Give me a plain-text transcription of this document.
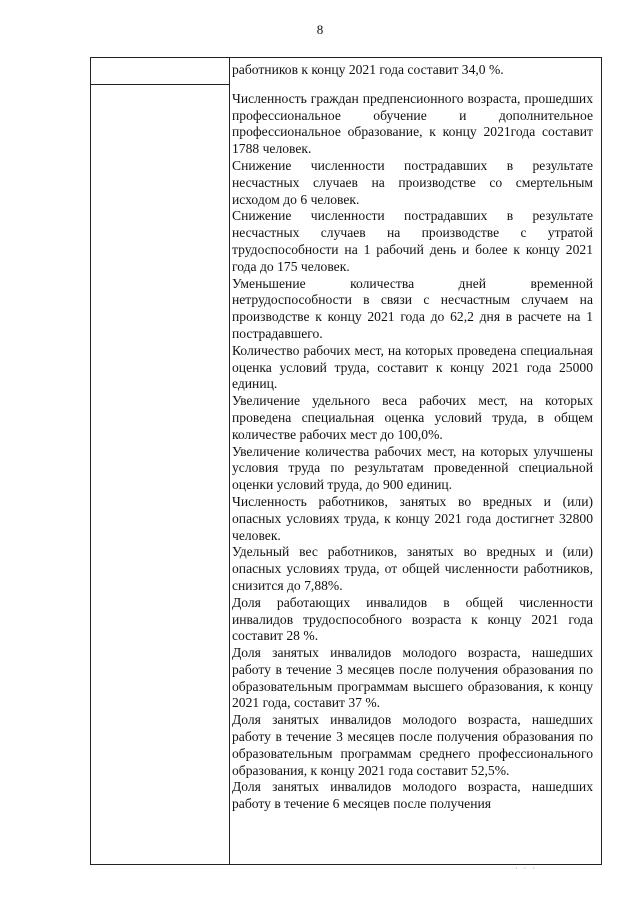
8

работников к концу 2021 года составит 34,0 %.

Численность граждан предпенсионного возраста, прошедших профессиональное обучение и дополнительное профессиональное образование, к концу 2021года составит 1788 человек.

Снижение численности пострадавших в результате несчастных случаев на производстве со смертельным исходом до 6 человек.

Снижение численности пострадавших в результате несчастных случаев на производстве с утратой трудоспособности на 1 рабочий день и более к концу 2021 года до 175 человек.

Уменьшение количества дней временной нетрудоспособности в связи с несчастным случаем на производстве к концу 2021 года до 62,2 дня в расчете на 1 пострадавшего.

Количество рабочих мест, на которых проведена специальная оценка условий труда, составит к концу 2021 года 25000 единиц.

Увеличение удельного веса рабочих мест, на которых проведена специальная оценка условий труда, в общем количестве рабочих мест до 100,0%.

Увеличение количества рабочих мест, на которых улучшены условия труда по результатам проведенной специальной оценки условий труда, до 900 единиц.

Численность работников, занятых во вредных и (или) опасных условиях труда, к концу 2021 года достигнет 32800 человек.

Удельный вес работников, занятых во вредных и (или) опасных условиях труда, от общей численности работников, снизится до 7,88%.

Доля работающих инвалидов в общей численности инвалидов трудоспособного возраста к концу 2021 года составит 28 %.

Доля занятых инвалидов молодого возраста, нашедших работу в течение 3 месяцев после получения образования по образовательным программам высшего образования, к концу 2021 года, составит 37 %.

Доля занятых инвалидов молодого возраста, нашедших работу в течение 3 месяцев после получения образования по образовательным программам среднего профессионального образования, к концу 2021 года составит 52,5%.

Доля занятых инвалидов молодого возраста, нашедших работу в течение 6 месяцев после получения

· · ·
